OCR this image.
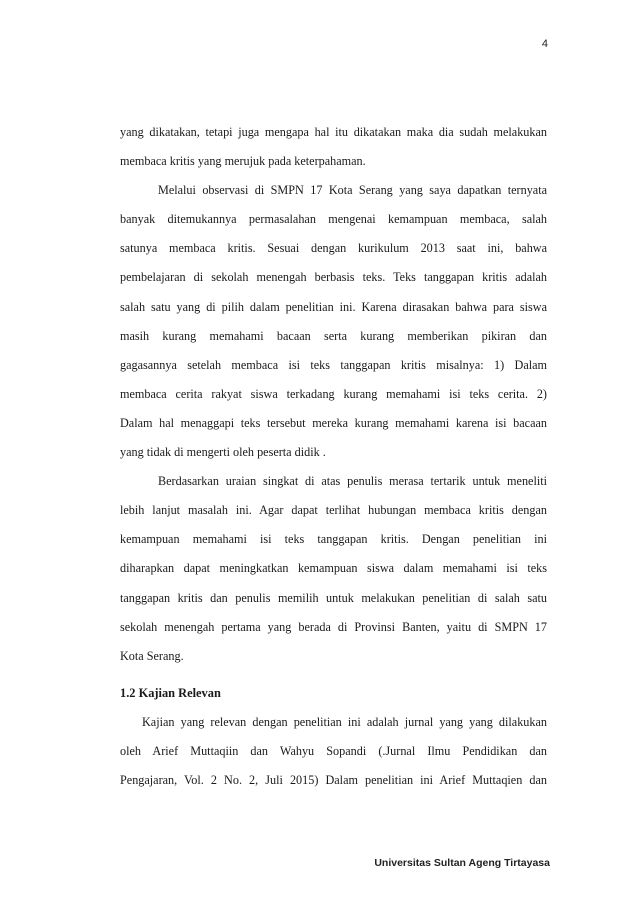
4

yang dikatakan, tetapi juga mengapa hal itu dikatakan maka dia sudah melakukan
membaca kritis yang merujuk pada keterpahaman.

Melalui observasi di SMPN 17 Kota Serang yang saya dapatkan ternyata
banyak ditemukannya permasalahan mengenai kemampuan membaca, salah
satunya membaca kritis. Sesuai dengan kurikulum 2013 saat ini, bahwa
pembelajaran di sekolah menengah berbasis teks. Teks tanggapan kritis adalah
salah satu yang di pilih dalam penelitian ini. Karena dirasakan bahwa para siswa
masih kurang memahami bacaan serta kurang memberikan pikiran dan
gagasannya setelah membaca isi teks tanggapan kritis misalnya: 1) Dalam
membaca cerita rakyat siswa terkadang kurang memahami isi teks cerita. 2)
Dalam hal menaggapi teks tersebut mereka kurang memahami karena isi bacaan
yang tidak di mengerti oleh peserta didik .

Berdasarkan uraian singkat di atas penulis merasa tertarik untuk meneliti
lebih lanjut masalah ini. Agar dapat terlihat hubungan membaca kritis dengan
kemampuan memahami isi teks tanggapan kritis. Dengan penelitian ini
diharapkan dapat meningkatkan kemampuan siswa dalam memahami isi teks
tanggapan kritis dan penulis memilih untuk melakukan penelitian di salah satu
sekolah menengah pertama yang berada di Provinsi Banten, yaitu di SMPN 17
Kota Serang.

1.2 Kajian Relevan

Kajian yang relevan dengan penelitian ini adalah jurnal yang yang dilakukan
oleh Arief Muttaqiin dan Wahyu Sopandi (.Jurnal Ilmu Pendidikan dan
Pengajaran, Vol. 2 No. 2, Juli 2015) Dalam penelitian ini Arief Muttaqien dan

Universitas Sultan Ageng Tirtayasa
